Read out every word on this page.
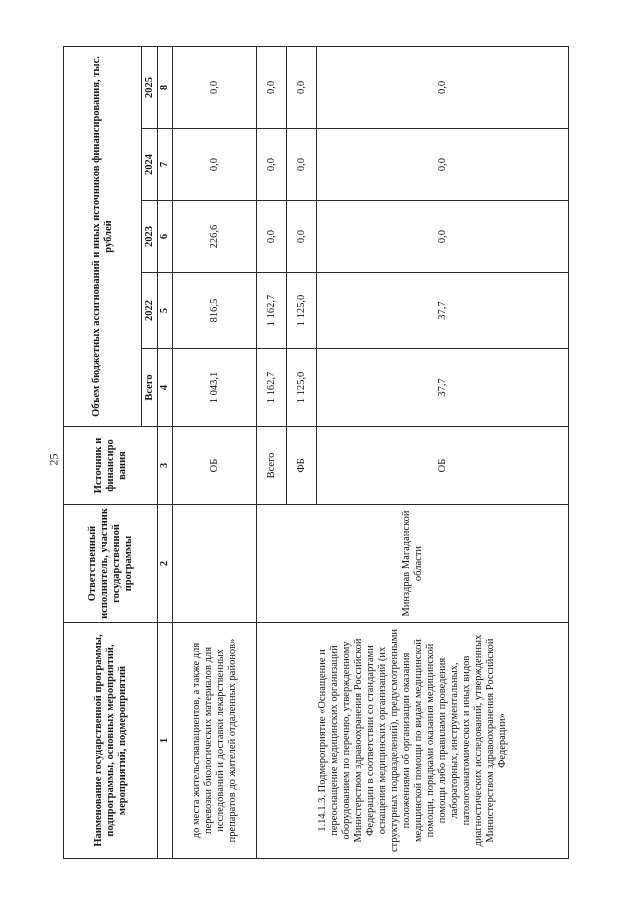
25
Наименование государственной программы, подпрограммы, основных мероприятий, мероприятий, подмероприятий	Ответственный исполнитель, участник государственной программы	Источник и финансиро вания	Объем бюджетных ассигнований и иных источников финансирования, тыс. рублей				
			Всего	2022	2023	2024	2025
1	2	3	4	5	6	7	8
до места жительствапациентов, а также для перевозки биологических материалов для исследований и доставки лекарственных препаратов до жителей отдаленных районов»		ОБ	1 043,1	816,5	226,6	0,0	0,0
1.14.1.3. Подмероприятие «Оснащение и переоснащение медицинских организаций оборудованием по перечню, утвержденному Министерством здравоохранения Российской Федерации в соответствии со стандартами оснащения медицинских организаций (их структурных подразделений), предусмотренными положениями об организации оказания медицинской помощи по видам медицинской помощи, порядками оказания медицинской помощи либо правилами проведения лабораторных, инструментальных, патологоанатомических и иных видов диагностических исследований, утвержденных Министерством здравоохранения Российской Федерации»	Минздрав Магаданской области	Всего	1 162,7	1 162,7	0,0	0,0	0,0
		ФБ	1 125,0	1 125,0	0,0	0,0	0,0
		ОБ	37,7	37,7	0,0	0,0	0,0
